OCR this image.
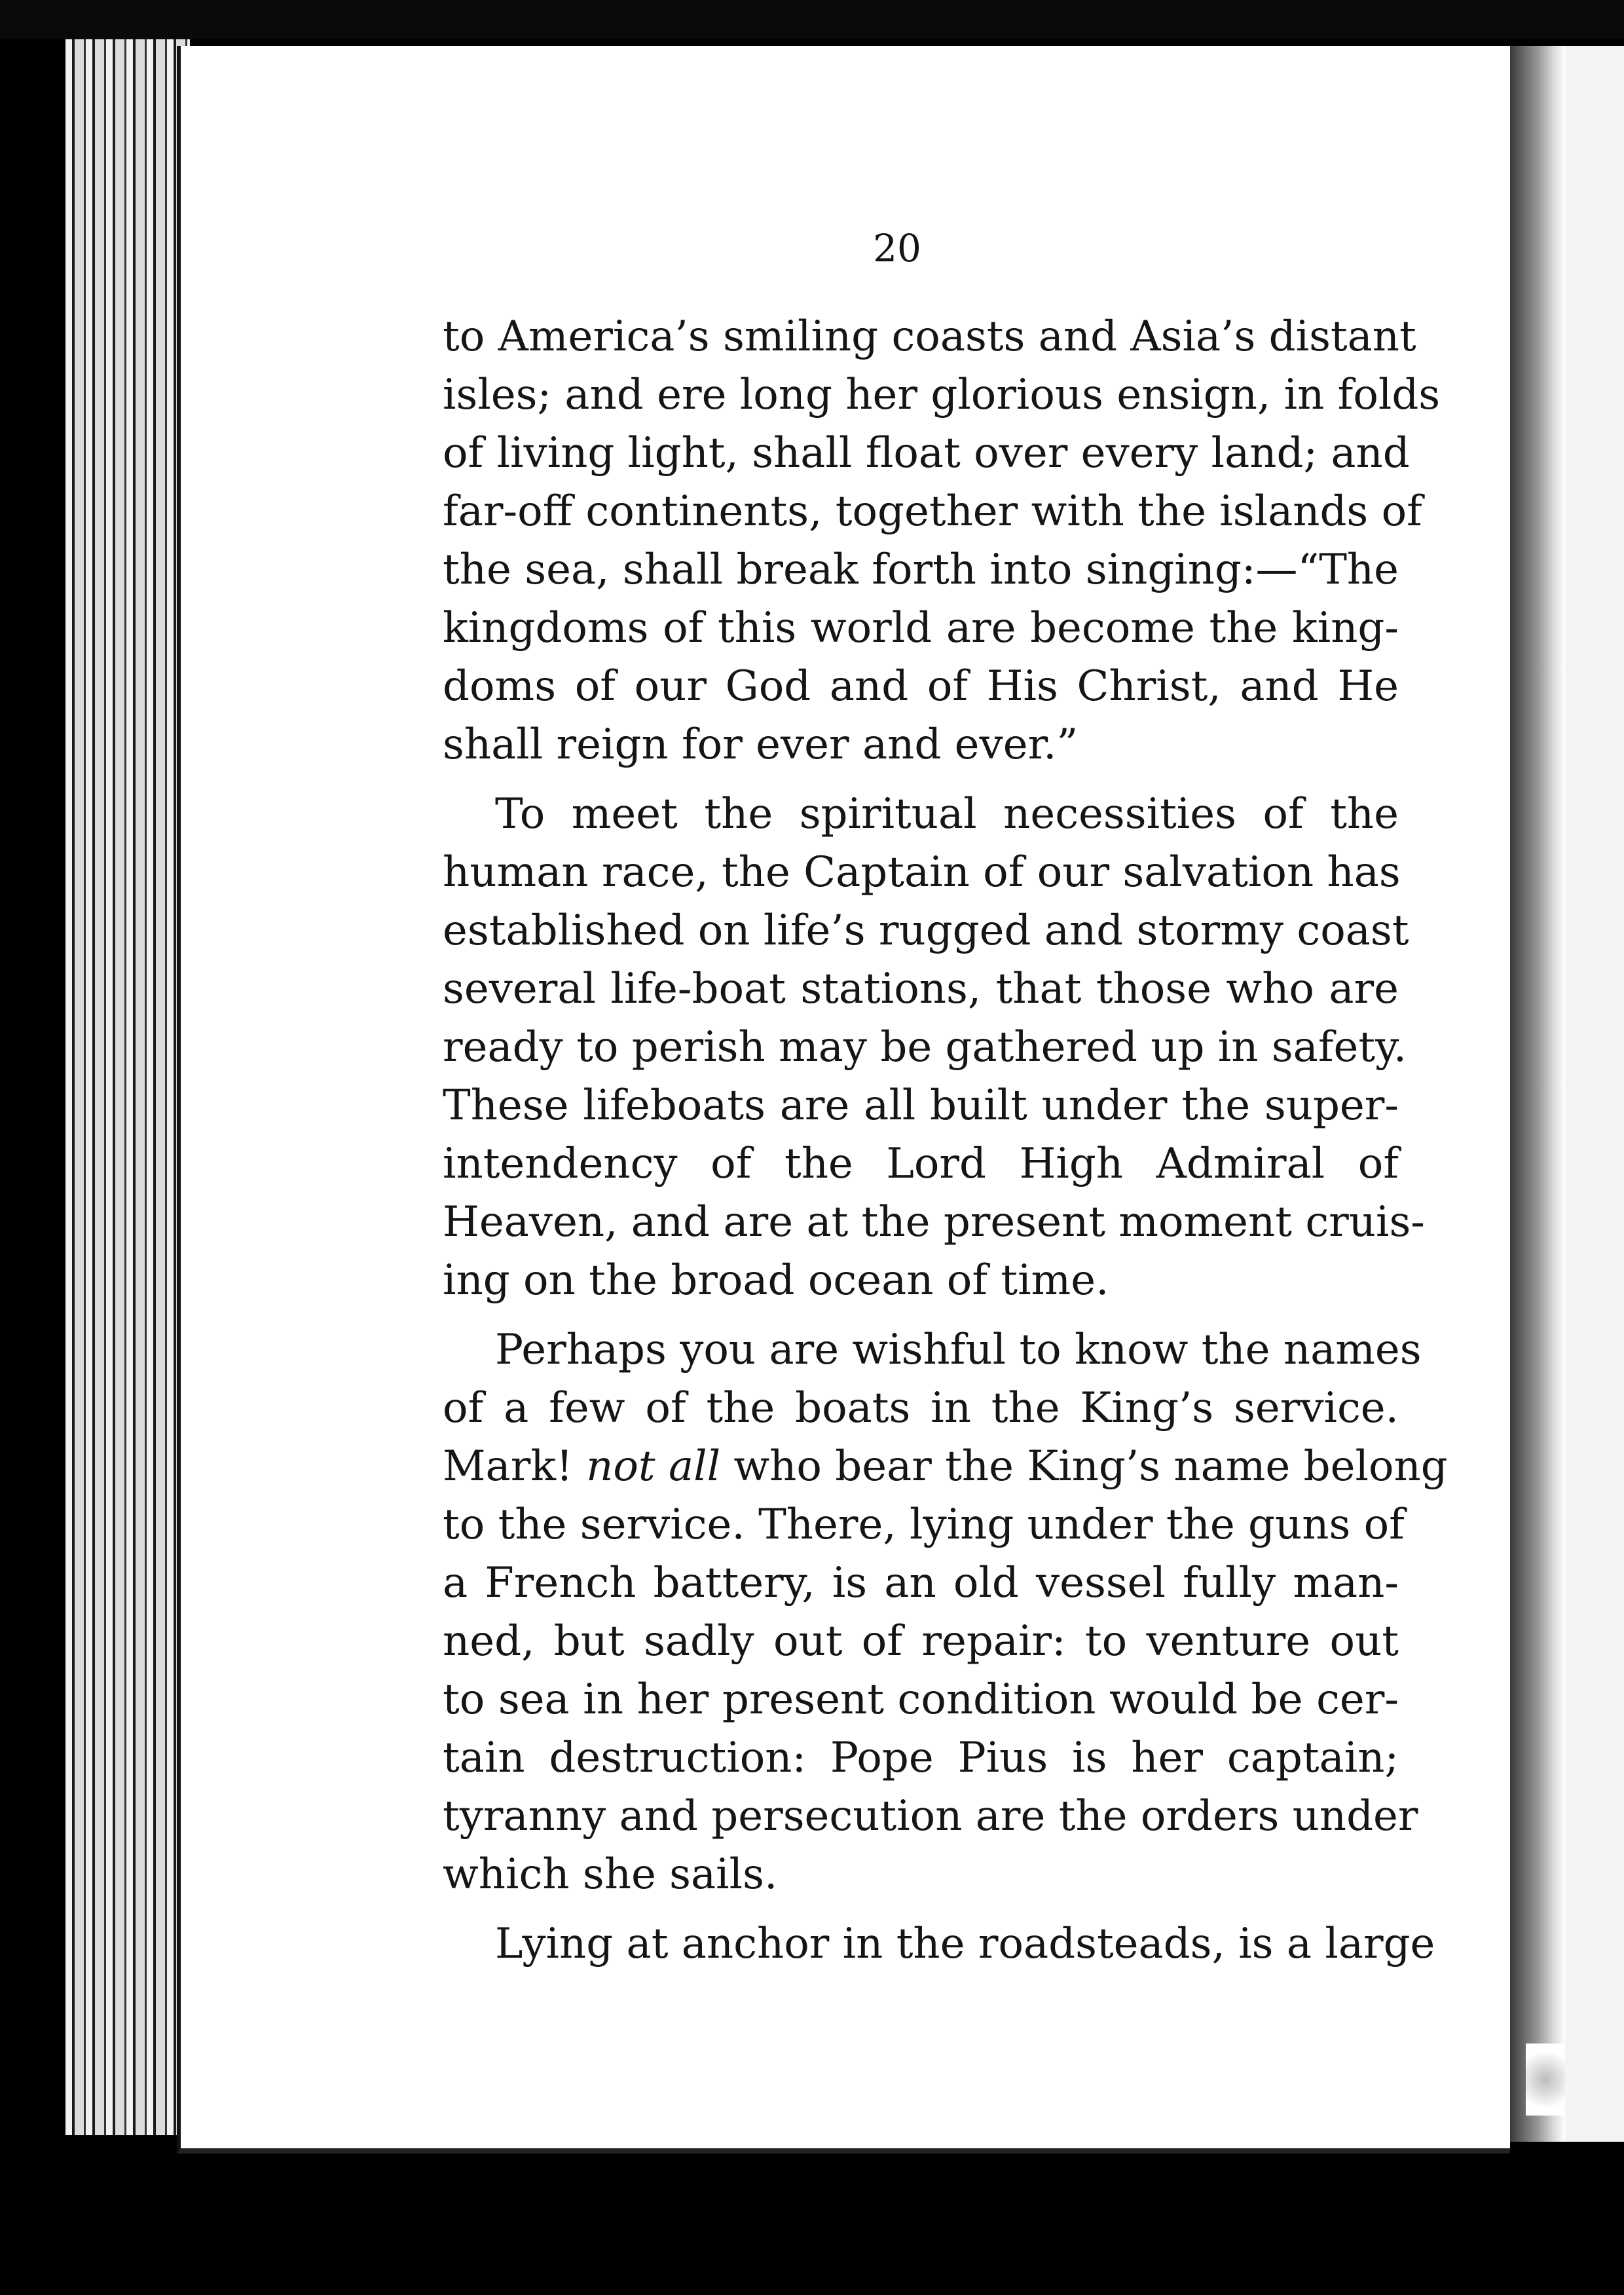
20
to America’s smiling coasts and Asia’s distant
isles; and ere long her glorious ensign, in folds
of living light, shall float over every land; and
far-off continents, together with the islands of
the sea, shall break forth into singing:—“The
kingdoms of this world are become the king-
doms of our God and of His Christ, and He
shall reign for ever and ever.”
To meet the spiritual necessities of the
human race, the Captain of our salvation has
established on life’s rugged and stormy coast
several life-boat stations, that those who are
ready to perish may be gathered up in safety.
These lifeboats are all built under the super-
intendency of the Lord High Admiral of
Heaven, and are at the present moment cruis-
ing on the broad ocean of time.
Perhaps you are wishful to know the names
of a few of the boats in the King’s service.
Mark! not all who bear the King’s name belong
to the service. There, lying under the guns of
a French battery, is an old vessel fully man-
ned, but sadly out of repair: to venture out
to sea in her present condition would be cer-
tain destruction: Pope Pius is her captain;
tyranny and persecution are the orders under
which she sails.
Lying at anchor in the roadsteads, is a large
